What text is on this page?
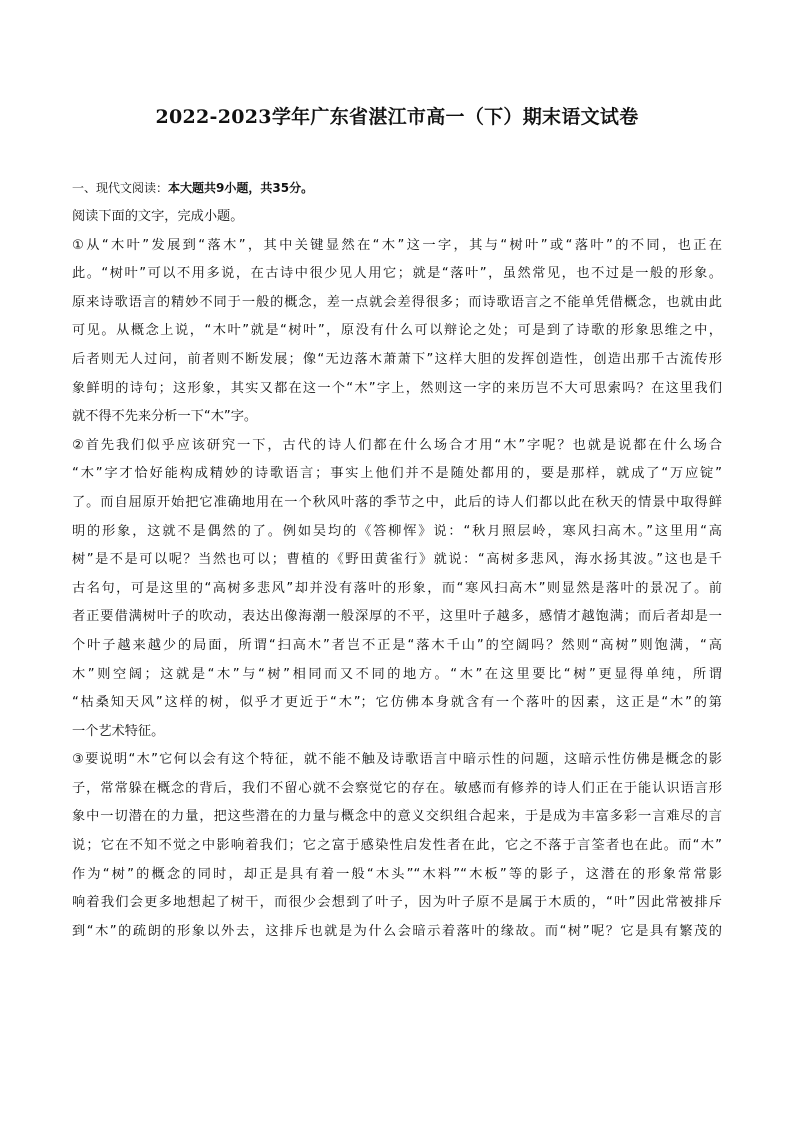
2022-2023学年广东省湛江市高一（下）期末语文试卷
一、现代文阅读：本大题共9小题，共35分。
阅读下面的文字，完成小题。
①从“木叶”发展到“落木”，其中关键显然在“木”这一字，其与“树叶”或“落叶”的不同，也正在
此。“树叶”可以不用多说，在古诗中很少见人用它；就是“落叶”，虽然常见，也不过是一般的形象。
原来诗歌语言的精妙不同于一般的概念，差一点就会差得很多；而诗歌语言之不能单凭借概念，也就由此
可见。从概念上说，“木叶”就是“树叶”，原没有什么可以辩论之处；可是到了诗歌的形象思维之中，
后者则无人过问，前者则不断发展；像“无边落木萧萧下”这样大胆的发挥创造性，创造出那千古流传形
象鲜明的诗句；这形象，其实又都在这一个“木”字上，然则这一字的来历岂不大可思索吗？在这里我们
就不得不先来分析一下“木”字。
②首先我们似乎应该研究一下，古代的诗人们都在什么场合才用“木”字呢？也就是说都在什么场合
“木”字才恰好能构成精妙的诗歌语言；事实上他们并不是随处都用的，要是那样，就成了“万应锭”
了。而自屈原开始把它准确地用在一个秋风叶落的季节之中，此后的诗人们都以此在秋天的情景中取得鲜
明的形象，这就不是偶然的了。例如吴均的《答柳恽》说：“秋月照层岭，寒风扫高木。”这里用“高
树”是不是可以呢？当然也可以；曹植的《野田黄雀行》就说：“高树多悲风，海水扬其波。”这也是千
古名句，可是这里的“高树多悲风”却并没有落叶的形象，而“寒风扫高木”则显然是落叶的景况了。前
者正要借满树叶子的吹动，表达出像海潮一般深厚的不平，这里叶子越多，感情才越饱满；而后者却是一
个叶子越来越少的局面，所谓“扫高木”者岂不正是“落木千山”的空阔吗？然则“高树”则饱满，“高
木”则空阔；这就是“木”与“树”相同而又不同的地方。“木”在这里要比“树”更显得单纯，所谓
“枯桑知天风”这样的树，似乎才更近于“木”；它仿佛本身就含有一个落叶的因素，这正是“木”的第
一个艺术特征。
③要说明“木”它何以会有这个特征，就不能不触及诗歌语言中暗示性的问题，这暗示性仿佛是概念的影
子，常常躲在概念的背后，我们不留心就不会察觉它的存在。敏感而有修养的诗人们正在于能认识语言形
象中一切潜在的力量，把这些潜在的力量与概念中的意义交织组合起来，于是成为丰富多彩一言难尽的言
说；它在不知不觉之中影响着我们；它之富于感染性启发性者在此，它之不落于言筌者也在此。而“木”
作为“树”的概念的同时，却正是具有着一般“木头”“木料”“木板”等的影子，这潜在的形象常常影
响着我们会更多地想起了树干，而很少会想到了叶子，因为叶子原不是属于木质的，“叶”因此常被排斥
到“木”的疏朗的形象以外去，这排斥也就是为什么会暗示着落叶的缘故。而“树”呢？它是具有繁茂的
